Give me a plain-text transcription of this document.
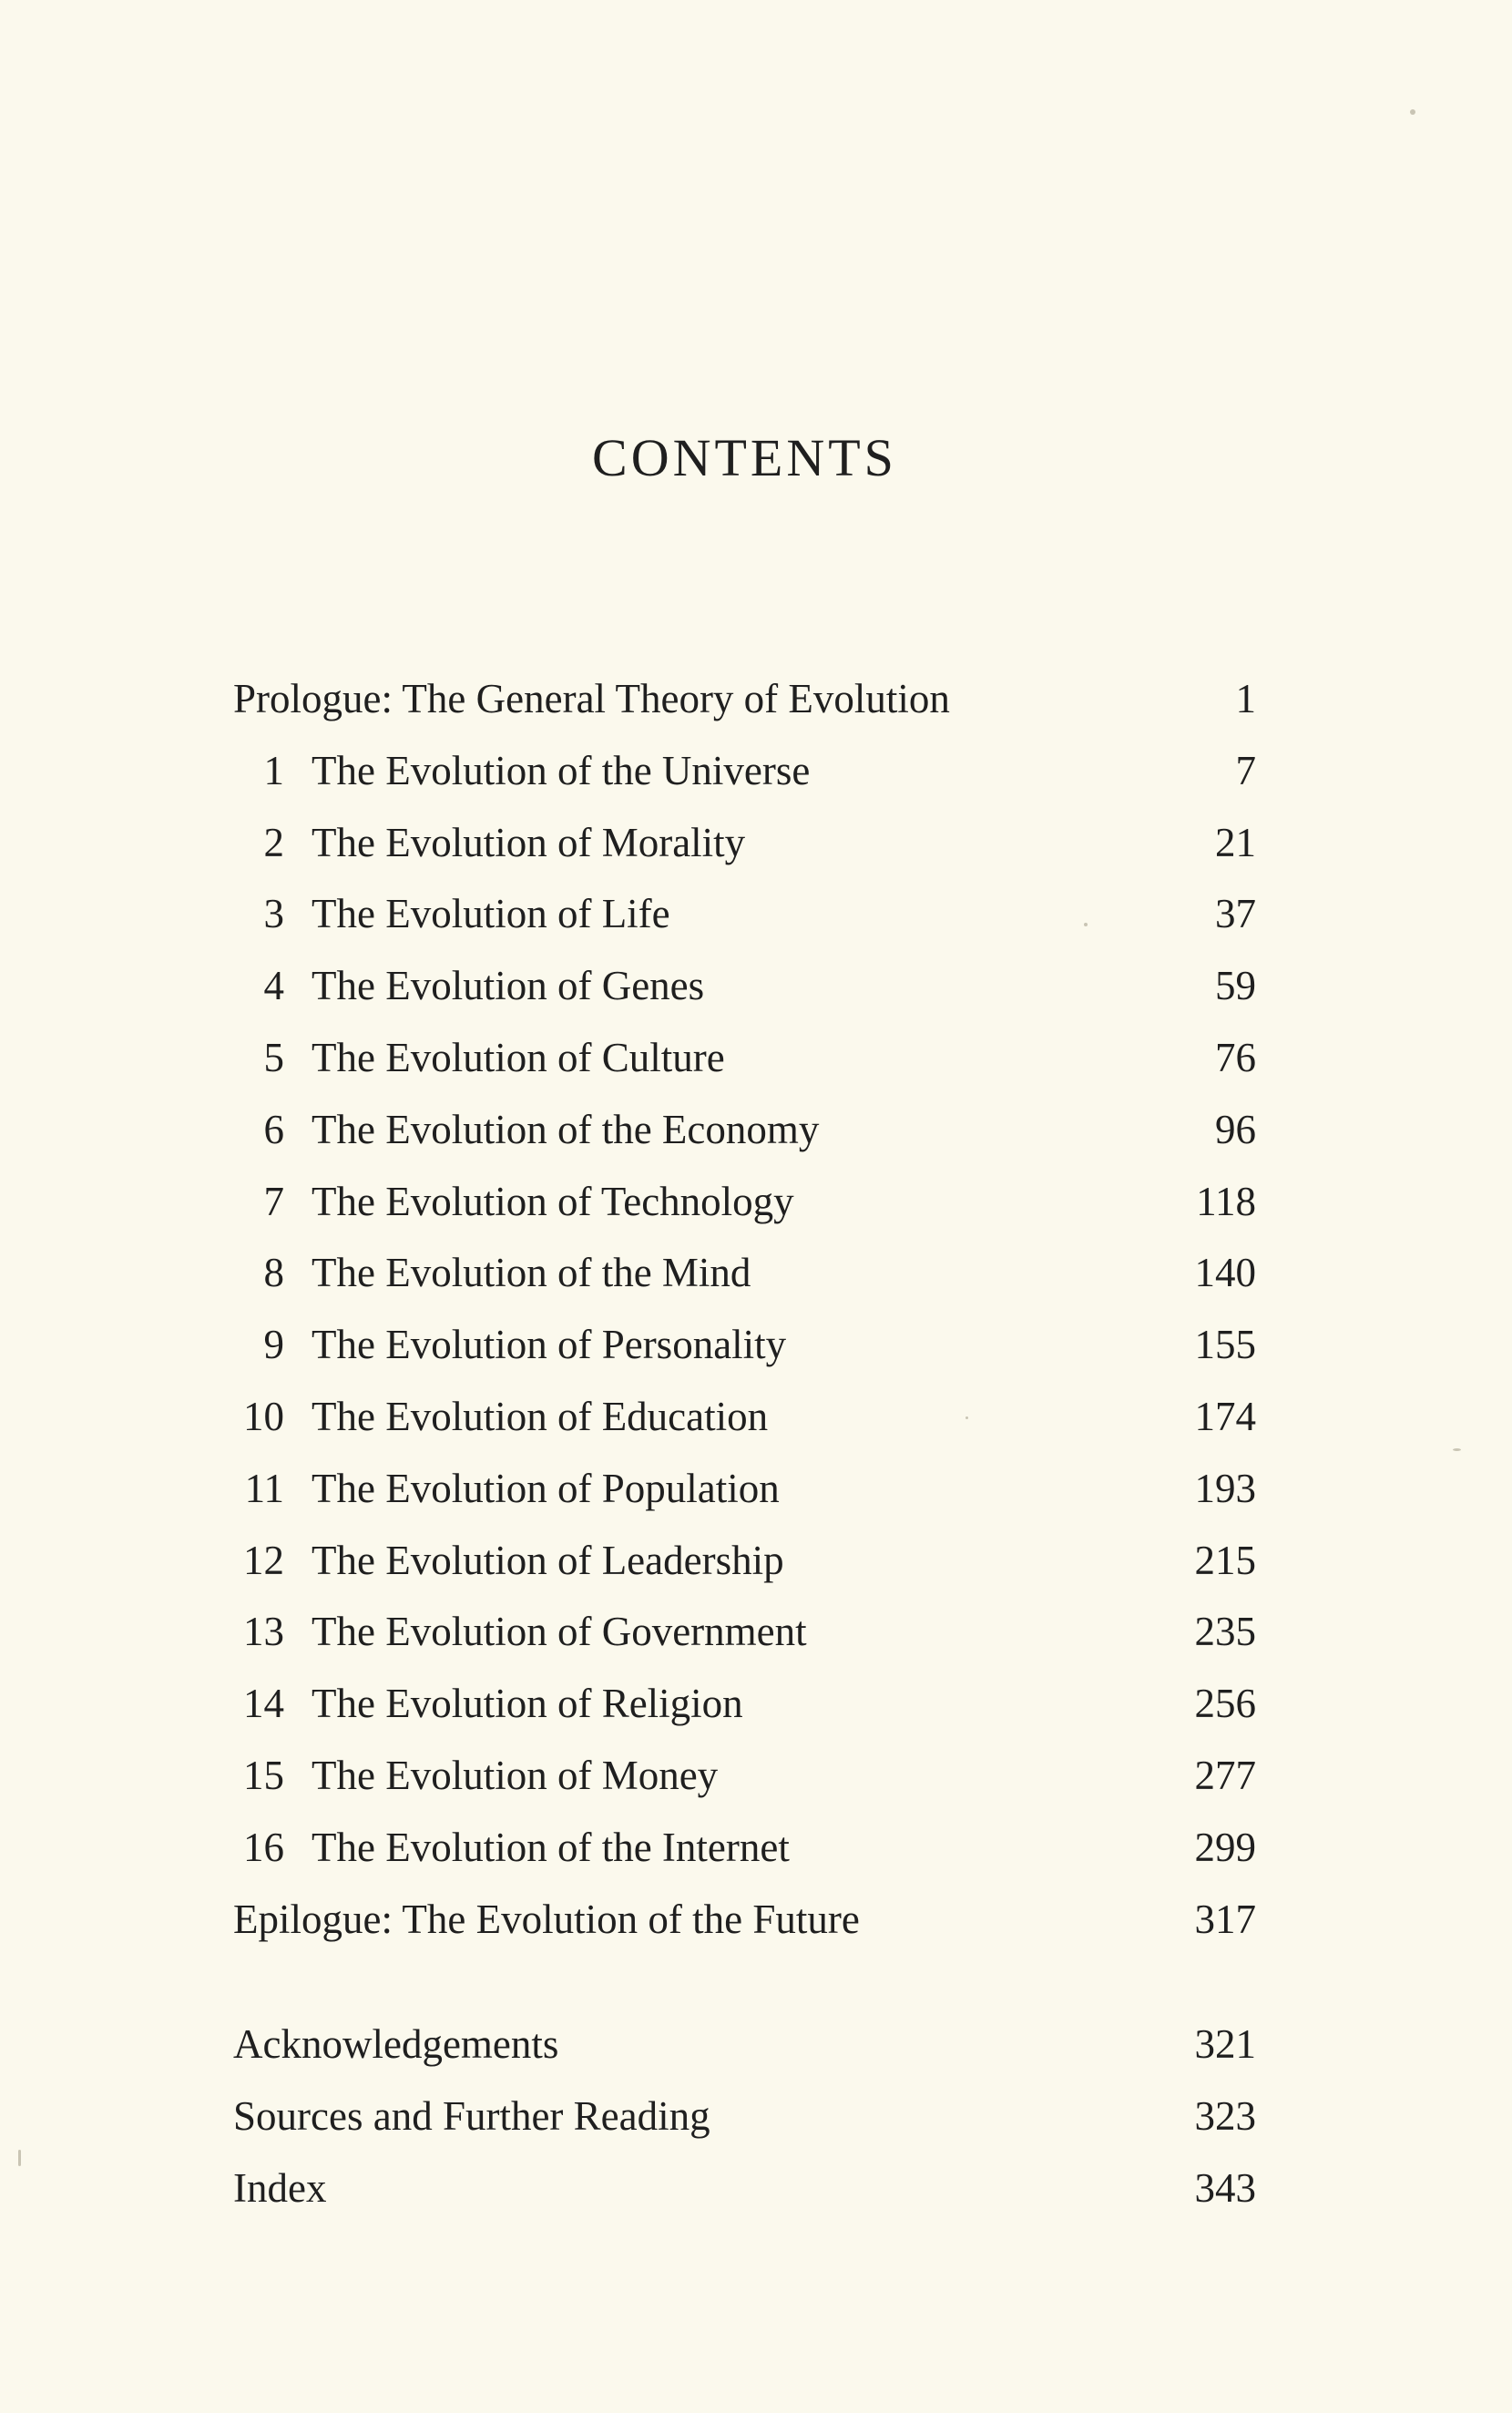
CONTENTS
Prologue: The General Theory of Evolution	1
1 The Evolution of the Universe	7
2 The Evolution of Morality	21
3 The Evolution of Life	37
4 The Evolution of Genes	59
5 The Evolution of Culture	76
6 The Evolution of the Economy	96
7 The Evolution of Technology	118
8 The Evolution of the Mind	140
9 The Evolution of Personality	155
10 The Evolution of Education	174
11 The Evolution of Population	193
12 The Evolution of Leadership	215
13 The Evolution of Government	235
14 The Evolution of Religion	256
15 The Evolution of Money	277
16 The Evolution of the Internet	299
Epilogue: The Evolution of the Future	317
Acknowledgements	321
Sources and Further Reading	323
Index	343
